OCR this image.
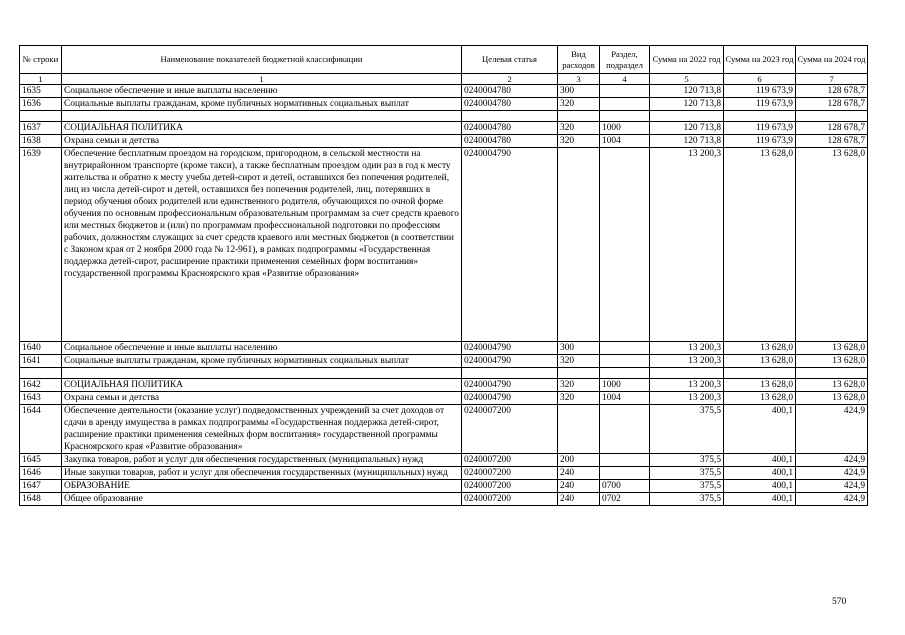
№ строки	Наименование показателей бюджетной классификации	Целевая статья	Вид расходов	Раздел, подраздел	Сумма на 2022 год	Сумма на 2023 год	Сумма на 2024 год
1	1	2	3	4	5	6	7
1635	Социальное обеспечение и иные выплаты населению	0240004780	300		120 713,8	119 673,9	128 678,7
1636	Социальные выплаты гражданам, кроме публичных нормативных социальных выплат	0240004780	320		120 713,8	119 673,9	128 678,7

1637	СОЦИАЛЬНАЯ ПОЛИТИКА	0240004780	320	1000	120 713,8	119 673,9	128 678,7
1638	Охрана семьи и детства	0240004780	320	1004	120 713,8	119 673,9	128 678,7
1639	Обеспечение бесплатным проездом на городском, пригородном, в сельской местности на внутрирайонном транспорте (кроме такси), а также бесплатным проездом один раз в год к месту жительства и обратно к месту учебы детей-сирот и детей, оставшихся без попечения родителей, лиц из числа детей-сирот и детей, оставшихся без попечения родителей, лиц, потерявших в период обучения обоих родителей или единственного родителя, обучающихся по очной форме обучения по основным профессиональным образовательным программам за счет средств краевого или местных бюджетов и (или) по программам профессиональной подготовки по профессиям рабочих, должностям служащих за счет средств краевого или местных бюджетов (в соответствии с Законом края от 2 ноября 2000 года № 12-961), в рамках подпрограммы «Государственная поддержка детей-сирот, расширение практики применения семейных форм воспитания» государственной программы Красноярского края «Развитие образования»	0240004790			13 200,3	13 628,0	13 628,0
1640	Социальное обеспечение и иные выплаты населению	0240004790	300		13 200,3	13 628,0	13 628,0
1641	Социальные выплаты гражданам, кроме публичных нормативных социальных выплат	0240004790	320		13 200,3	13 628,0	13 628,0

1642	СОЦИАЛЬНАЯ ПОЛИТИКА	0240004790	320	1000	13 200,3	13 628,0	13 628,0
1643	Охрана семьи и детства	0240004790	320	1004	13 200,3	13 628,0	13 628,0
1644	Обеспечение деятельности (оказание услуг) подведомственных учреждений за счет доходов от сдачи в аренду имущества в рамках подпрограммы «Государственная поддержка детей-сирот, расширение практики применения семейных форм воспитания» государственной программы Красноярского края «Развитие образования»	0240007200			375,5	400,1	424,9
1645	Закупка товаров, работ и услуг для обеспечения государственных (муниципальных) нужд	0240007200	200		375,5	400,1	424,9
1646	Иные закупки товаров, работ и услуг для обеспечения государственных (муниципальных) нужд	0240007200	240		375,5	400,1	424,9
1647	ОБРАЗОВАНИЕ	0240007200	240	0700	375,5	400,1	424,9
1648	Общее образование	0240007200	240	0702	375,5	400,1	424,9
570
